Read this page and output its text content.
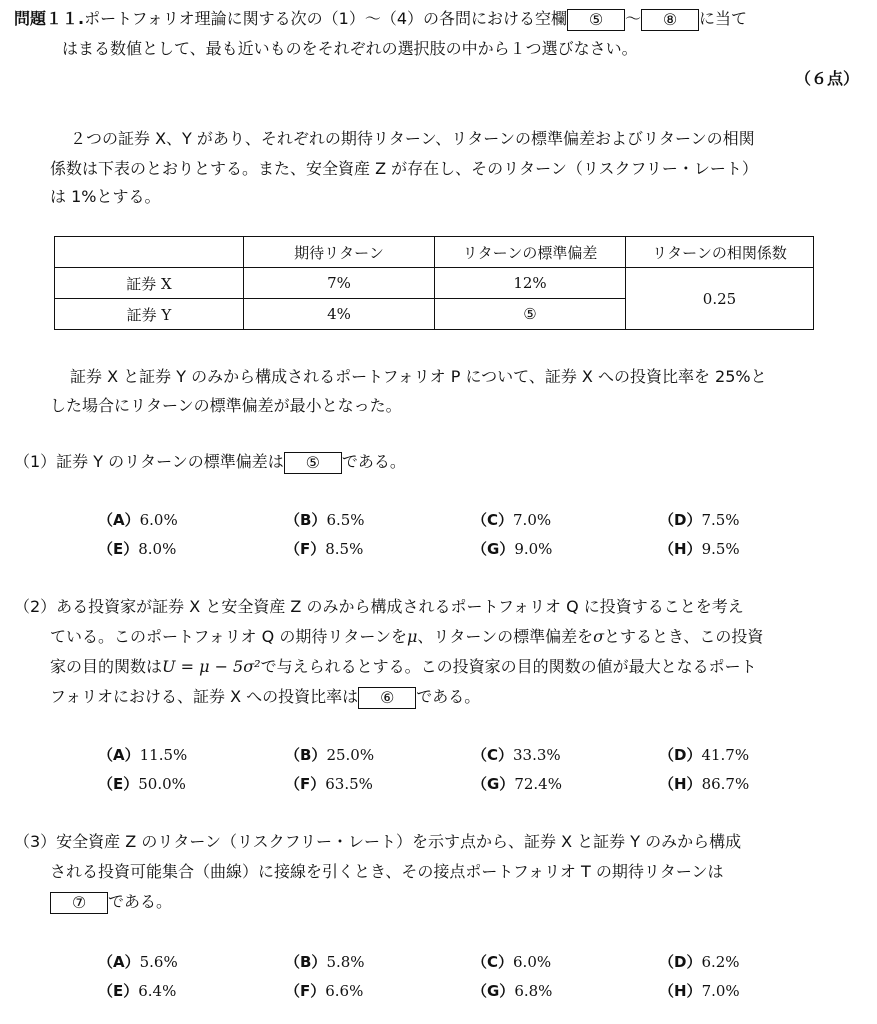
問題１１.ポートフォリオ理論に関する次の（1）～（4）の各問における空欄 ⑤ ～ ⑧ に当て
はまる数値として、最も近いものをそれぞれの選択肢の中から１つ選びなさい。
（６点）
２つの証券 X、Y があり、それぞれの期待リターン、リターンの標準偏差およびリターンの相関
係数は下表のとおりとする。また、安全資産 Z が存在し、そのリターン（リスクフリー・レート）
は 1%とする。
	期待リターン	リターンの標準偏差	リターンの相関係数
証券 X	7%	12%	0.25
証券 Y	4%	⑤	
証券 X と証券 Y のみから構成されるポートフォリオ P について、証券 X への投資比率を 25%と
した場合にリターンの標準偏差が最小となった。
（1）証券 Y のリターンの標準偏差は ⑤ である。
（A）6.0%	（B）6.5%	（C）7.0%	（D）7.5%
（E）8.0%	（F）8.5%	（G）9.0%	（H）9.5%
（2）ある投資家が証券 X と安全資産 Z のみから構成されるポートフォリオ Q に投資することを考え
ている。このポートフォリオ Q の期待リターンをμ、リターンの標準偏差をσとするとき、この投資
家の目的関数はU = μ − 5σ²で与えられるとする。この投資家の目的関数の値が最大となるポート
フォリオにおける、証券 X への投資比率は ⑥ である。
（A）11.5%	（B）25.0%	（C）33.3%	（D）41.7%
（E）50.0%	（F）63.5%	（G）72.4%	（H）86.7%
（3）安全資産 Z のリターン（リスクフリー・レート）を示す点から、証券 X と証券 Y のみから構成
される投資可能集合（曲線）に接線を引くとき、その接点ポートフォリオ T の期待リターンは
⑦ である。
（A）5.6%	（B）5.8%	（C）6.0%	（D）6.2%
（E）6.4%	（F）6.6%	（G）6.8%	（H）7.0%
